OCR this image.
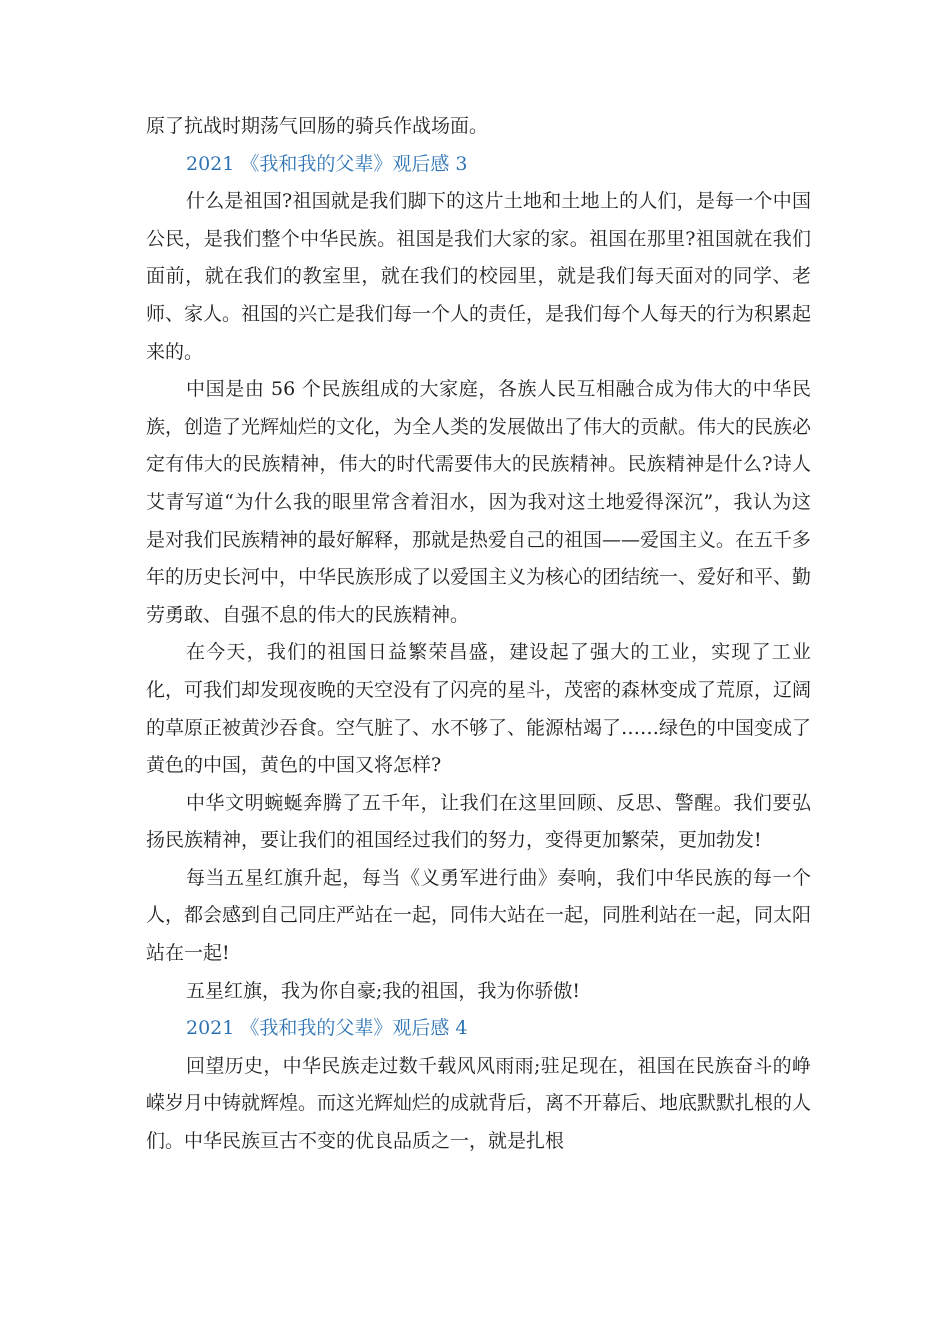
原了抗战时期荡气回肠的骑兵作战场面。

2021 《我和我的父辈》观后感 3

什么是祖国?祖国就是我们脚下的这片土地和土地上的人们，是每一个中国公民，是我们整个中华民族。祖国是我们大家的家。祖国在那里?祖国就在我们面前，就在我们的教室里，就在我们的校园里，就是我们每天面对的同学、老师、家人。祖国的兴亡是我们每一个人的责任，是我们每个人每天的行为积累起来的。

中国是由 56 个民族组成的大家庭，各族人民互相融合成为伟大的中华民族，创造了光辉灿烂的文化，为全人类的发展做出了伟大的贡献。伟大的民族必定有伟大的民族精神，伟大的时代需要伟大的民族精神。民族精神是什么?诗人艾青写道“为什么我的眼里常含着泪水，因为我对这土地爱得深沉”，我认为这是对我们民族精神的最好解释，那就是热爱自己的祖国——爱国主义。在五千多年的历史长河中，中华民族形成了以爱国主义为核心的团结统一、爱好和平、勤劳勇敢、自强不息的伟大的民族精神。

在今天，我们的祖国日益繁荣昌盛，建设起了强大的工业，实现了工业化，可我们却发现夜晚的天空没有了闪亮的星斗，茂密的森林变成了荒原，辽阔的草原正被黄沙吞食。空气脏了、水不够了、能源枯竭了……绿色的中国变成了黄色的中国，黄色的中国又将怎样?

中华文明蜿蜒奔腾了五千年，让我们在这里回顾、反思、警醒。我们要弘扬民族精神，要让我们的祖国经过我们的努力，变得更加繁荣，更加勃发!

每当五星红旗升起，每当《义勇军进行曲》奏响，我们中华民族的每一个人，都会感到自己同庄严站在一起，同伟大站在一起，同胜利站在一起，同太阳站在一起!

五星红旗，我为你自豪;我的祖国，我为你骄傲!

2021 《我和我的父辈》观后感 4

回望历史，中华民族走过数千载风风雨雨;驻足现在，祖国在民族奋斗的峥嵘岁月中铸就辉煌。而这光辉灿烂的成就背后，离不开幕后、地底默默扎根的人们。中华民族亘古不变的优良品质之一，就是扎根
